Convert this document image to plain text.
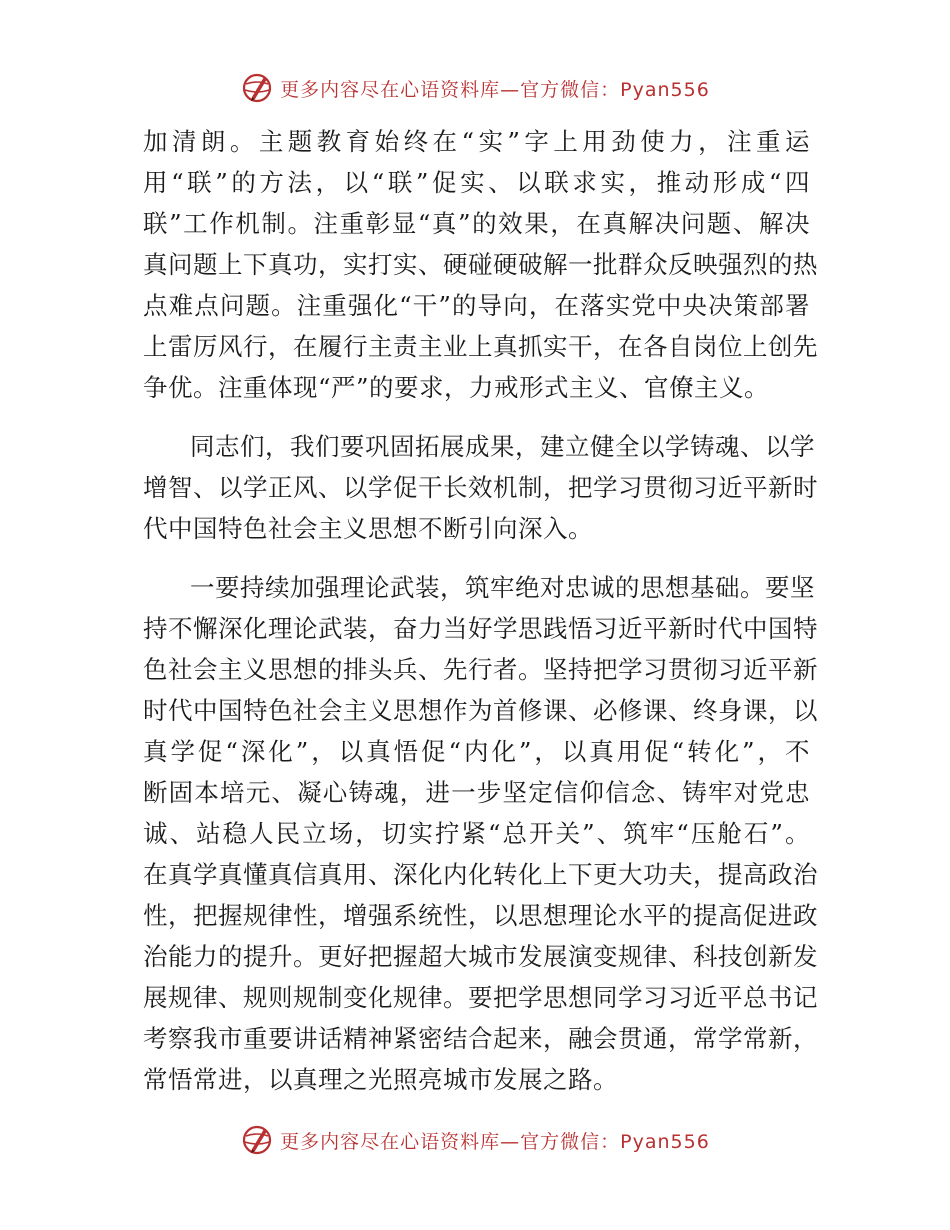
更多内容尽在心语资料库—官方微信：Pyan556
加清朗。主题教育始终在“实”字上用劲使力，注重运
用“联”的方法，以“联”促实、以联求实，推动形成“四
联”工作机制。注重彰显“真”的效果，在真解决问题、解决
真问题上下真功，实打实、硬碰硬破解一批群众反映强烈的热
点难点问题。注重强化“干”的导向，在落实党中央决策部署
上雷厉风行，在履行主责主业上真抓实干，在各自岗位上创先
争优。注重体现“严”的要求，力戒形式主义、官僚主义。
同志们，我们要巩固拓展成果，建立健全以学铸魂、以学
增智、以学正风、以学促干长效机制，把学习贯彻习近平新时
代中国特色社会主义思想不断引向深入。
一要持续加强理论武装，筑牢绝对忠诚的思想基础。要坚
持不懈深化理论武装，奋力当好学思践悟习近平新时代中国特
色社会主义思想的排头兵、先行者。坚持把学习贯彻习近平新
时代中国特色社会主义思想作为首修课、必修课、终身课，以
真学促“深化”，以真悟促“内化”，以真用促“转化”，不
断固本培元、凝心铸魂，进一步坚定信仰信念、铸牢对党忠
诚、站稳人民立场，切实拧紧“总开关”、筑牢“压舱石”。
在真学真懂真信真用、深化内化转化上下更大功夫，提高政治
性，把握规律性，增强系统性，以思想理论水平的提高促进政
治能力的提升。更好把握超大城市发展演变规律、科技创新发
展规律、规则规制变化规律。要把学思想同学习习近平总书记
考察我市重要讲话精神紧密结合起来，融会贯通，常学常新，
常悟常进，以真理之光照亮城市发展之路。
更多内容尽在心语资料库—官方微信：Pyan556
